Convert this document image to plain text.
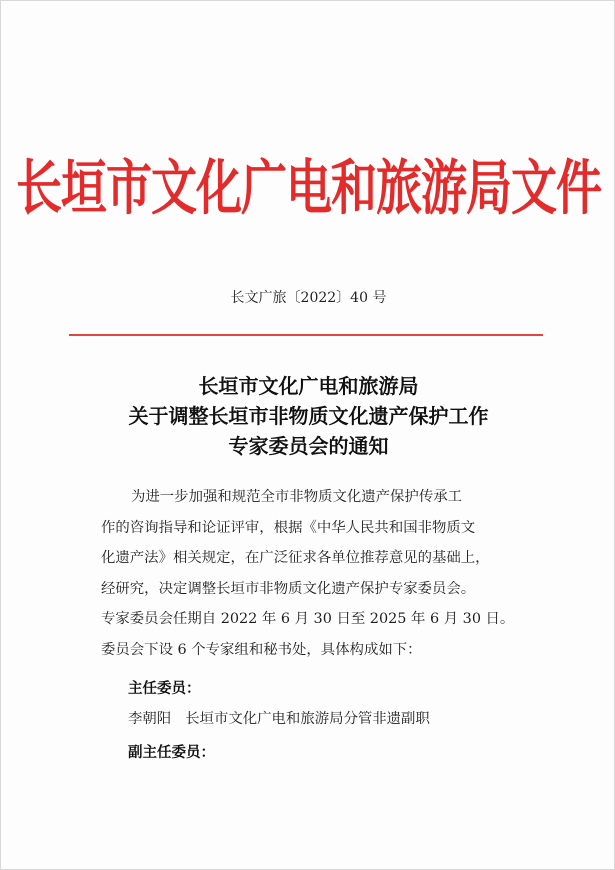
长垣市文化广电和旅游局文件
长文广旅〔2022〕40 号
长垣市文化广电和旅游局
关于调整长垣市非物质文化遗产保护工作
专家委员会的通知
为进一步加强和规范全市非物质文化遗产保护传承工
作的咨询指导和论证评审，根据《中华人民共和国非物质文
化遗产法》相关规定，在广泛征求各单位推荐意见的基础上，
经研究，决定调整长垣市非物质文化遗产保护专家委员会。
专家委员会任期自 2022 年 6 月 30 日至 2025 年 6 月 30 日。
委员会下设 6 个专家组和秘书处，具体构成如下：
主任委员：
李朝阳 长垣市文化广电和旅游局分管非遗副职
副主任委员：
